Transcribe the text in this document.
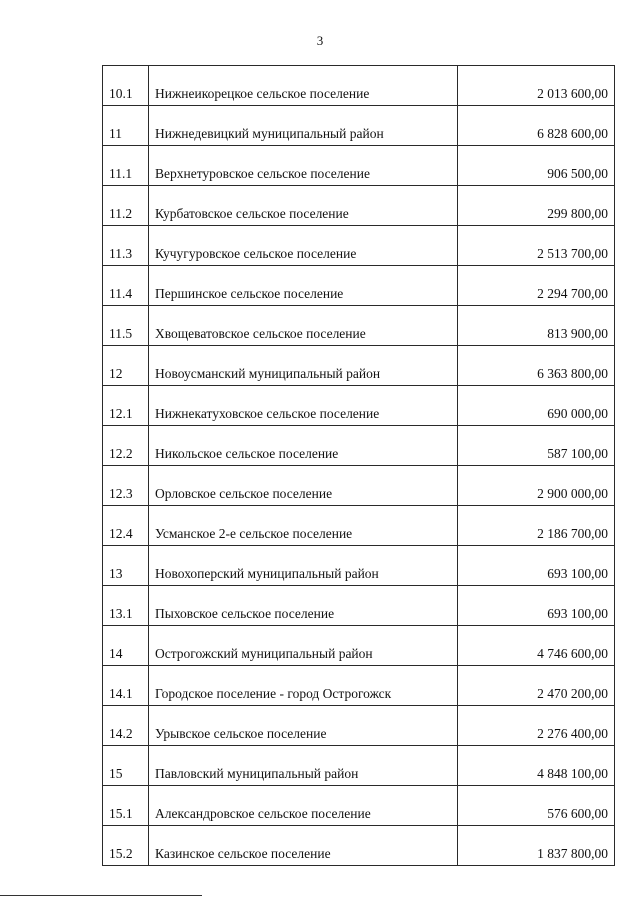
3
10.1	Нижнеикорецкое сельское поселение	2 013 600,00
11	Нижнедевицкий муниципальный район	6 828 600,00
11.1	Верхнетуровское сельское поселение	906 500,00
11.2	Курбатовское сельское поселение	299 800,00
11.3	Кучугуровское сельское поселение	2 513 700,00
11.4	Першинское сельское поселение	2 294 700,00
11.5	Хвощеватовское сельское поселение	813 900,00
12	Новоусманский муниципальный район	6 363 800,00
12.1	Нижнекатуховское сельское поселение	690 000,00
12.2	Никольское сельское поселение	587 100,00
12.3	Орловское сельское поселение	2 900 000,00
12.4	Усманское 2-е сельское поселение	2 186 700,00
13	Новохоперский муниципальный район	693 100,00
13.1	Пыховское сельское поселение	693 100,00
14	Острогожский муниципальный район	4 746 600,00
14.1	Городское поселение - город Острогожск	2 470 200,00
14.2	Урывское сельское поселение	2 276 400,00
15	Павловский муниципальный район	4 848 100,00
15.1	Александровское сельское поселение	576 600,00
15.2	Казинское сельское поселение	1 837 800,00
